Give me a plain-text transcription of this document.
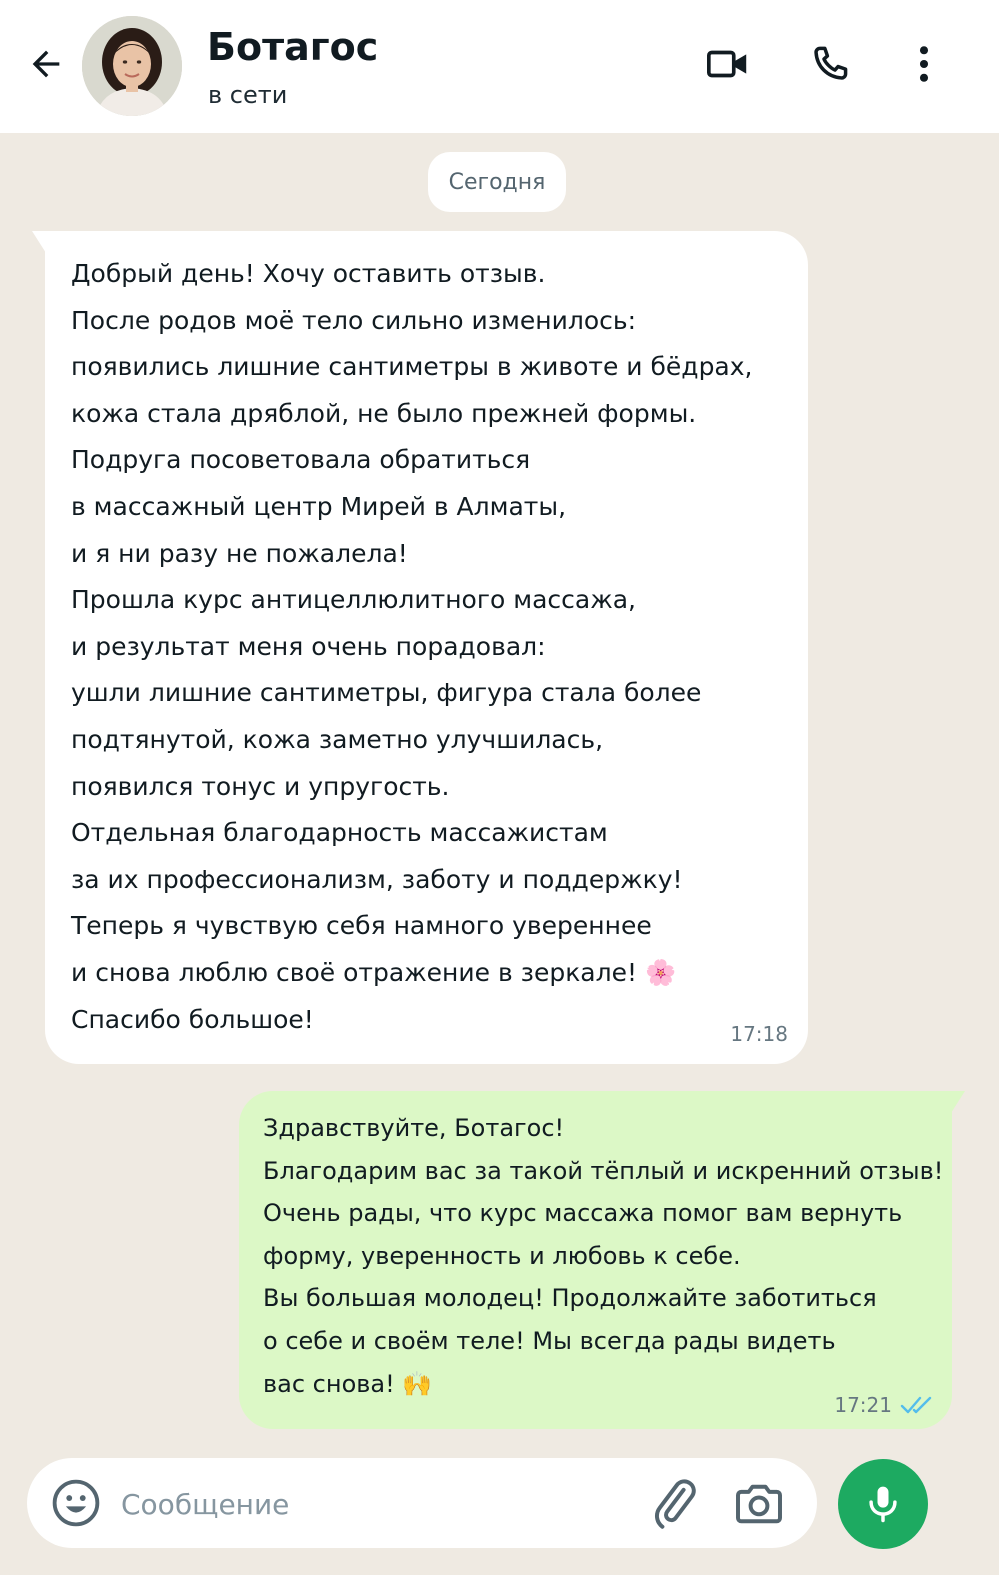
Ботагос
в сети
Сегодня
Добрый день! Хочу оставить отзыв.
После родов моё тело сильно изменилось:
появились лишние сантиметры в животе и бёдрах,
кожа стала дряблой, не было прежней формы.
Подруга посоветовала обратиться
в массажный центр Мирей в Алматы,
и я ни разу не пожалела!
Прошла курс антицеллюлитного массажа,
и результат меня очень порадовал:
ушли лишние сантиметры, фигура стала более
подтянутой, кожа заметно улучшилась,
появился тонус и упругость.
Отдельная благодарность массажистам
за их профессионализм, заботу и поддержку!
Теперь я чувствую себя намного увереннее
и снова люблю своё отражение в зеркале! 🌸
Спасибо большое!
17:18
Здравствуйте, Ботагос!
Благодарим вас за такой тёплый и искренний отзыв!
Очень рады, что курс массажа помог вам вернуть
форму, уверенность и любовь к себе.
Вы большая молодец! Продолжайте заботиться
о себе и своём теле! Мы всегда рады видеть
вас снова! 🙌
17:21
Сообщение
